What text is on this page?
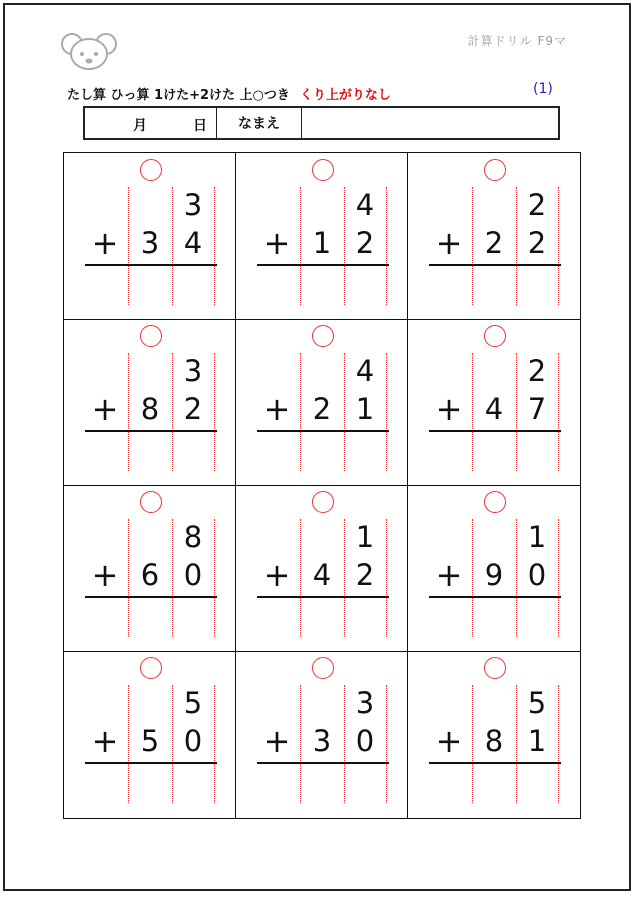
計算ドリル F9マ
たし算 ひっ算 1けた+2けた 上○つき くり上がりなし	(1)
月	日	なまえ
3
+ 3 4
4
+ 1 2
2
+ 2 2
3
+ 8 2
4
+ 2 1
2
+ 4 7
8
+ 6 0
1
+ 4 2
1
+ 9 0
5
+ 5 0
3
+ 3 0
5
+ 8 1
